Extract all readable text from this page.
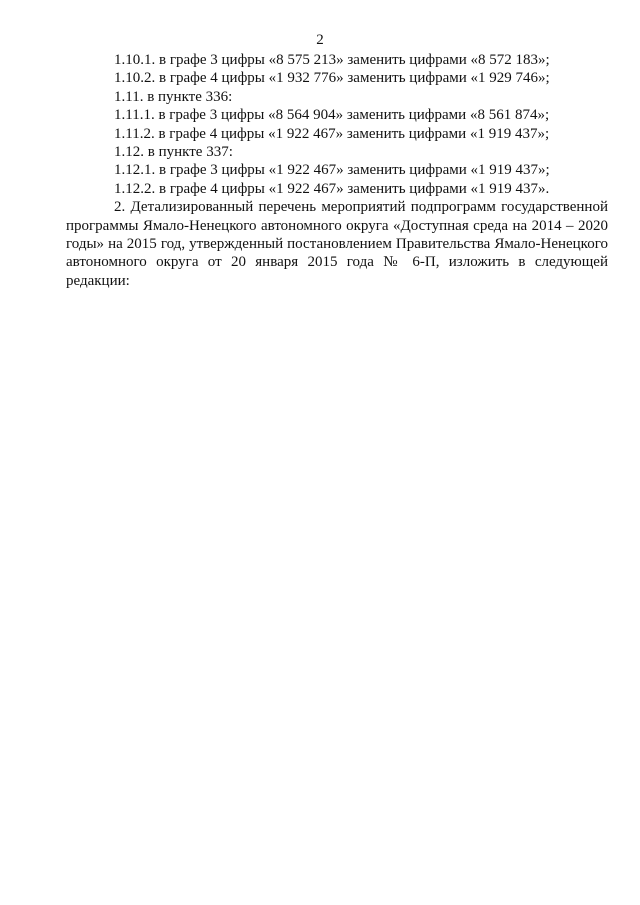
2

1.10.1. в графе 3 цифры «8 575 213» заменить цифрами «8 572 183»;

1.10.2. в графе 4 цифры «1 932 776» заменить цифрами «1 929 746»;

1.11. в пункте 336:

1.11.1. в графе 3 цифры «8 564 904» заменить цифрами «8 561 874»;

1.11.2. в графе 4 цифры «1 922 467» заменить цифрами «1 919 437»;

1.12. в пункте 337:

1.12.1. в графе 3 цифры «1 922 467» заменить цифрами «1 919 437»;

1.12.2. в графе 4 цифры «1 922 467» заменить цифрами «1 919 437».

2. Детализированный перечень мероприятий подпрограмм государственной программы Ямало-Ненецкого автономного округа «Доступная среда на 2014 – 2020 годы» на 2015 год, утвержденный постановлением Правительства Ямало-Ненецкого автономного округа от 20 января 2015 года № 6-П, изложить в следующей редакции:
